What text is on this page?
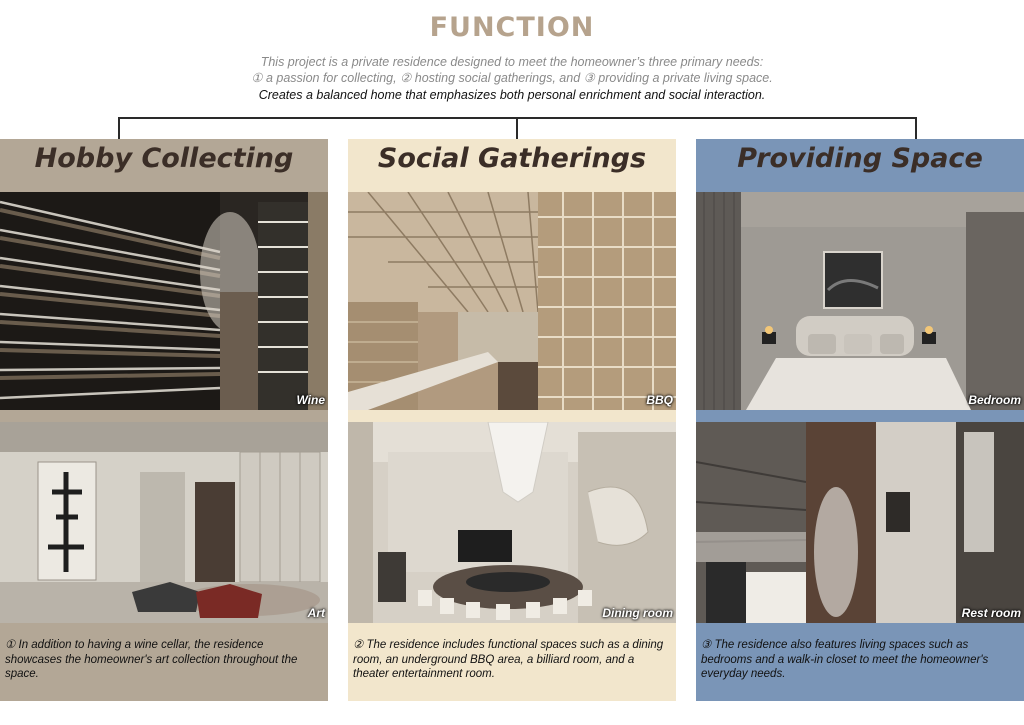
FUNCTION
This project is a private residence designed to meet the homeowner’s three primary needs:
① a passion for collecting, ② hosting social gatherings, and ③ providing a private living space.
Creates a balanced home that emphasizes both personal enrichment and social interaction.
Hobby Collecting
Wine
Art
① In addition to having a wine cellar, the residence showcases the homeowner's art collection throughout the space.
Social Gatherings
BBQ
Dining room
② The residence includes functional spaces such as a dining room, an underground BBQ area, a billiard room, and a theater entertainment room.
Providing Space
Bedroom
Rest room
③ The residence also features living spaces such as bedrooms and a walk-in closet to meet the homeowner's everyday needs.
